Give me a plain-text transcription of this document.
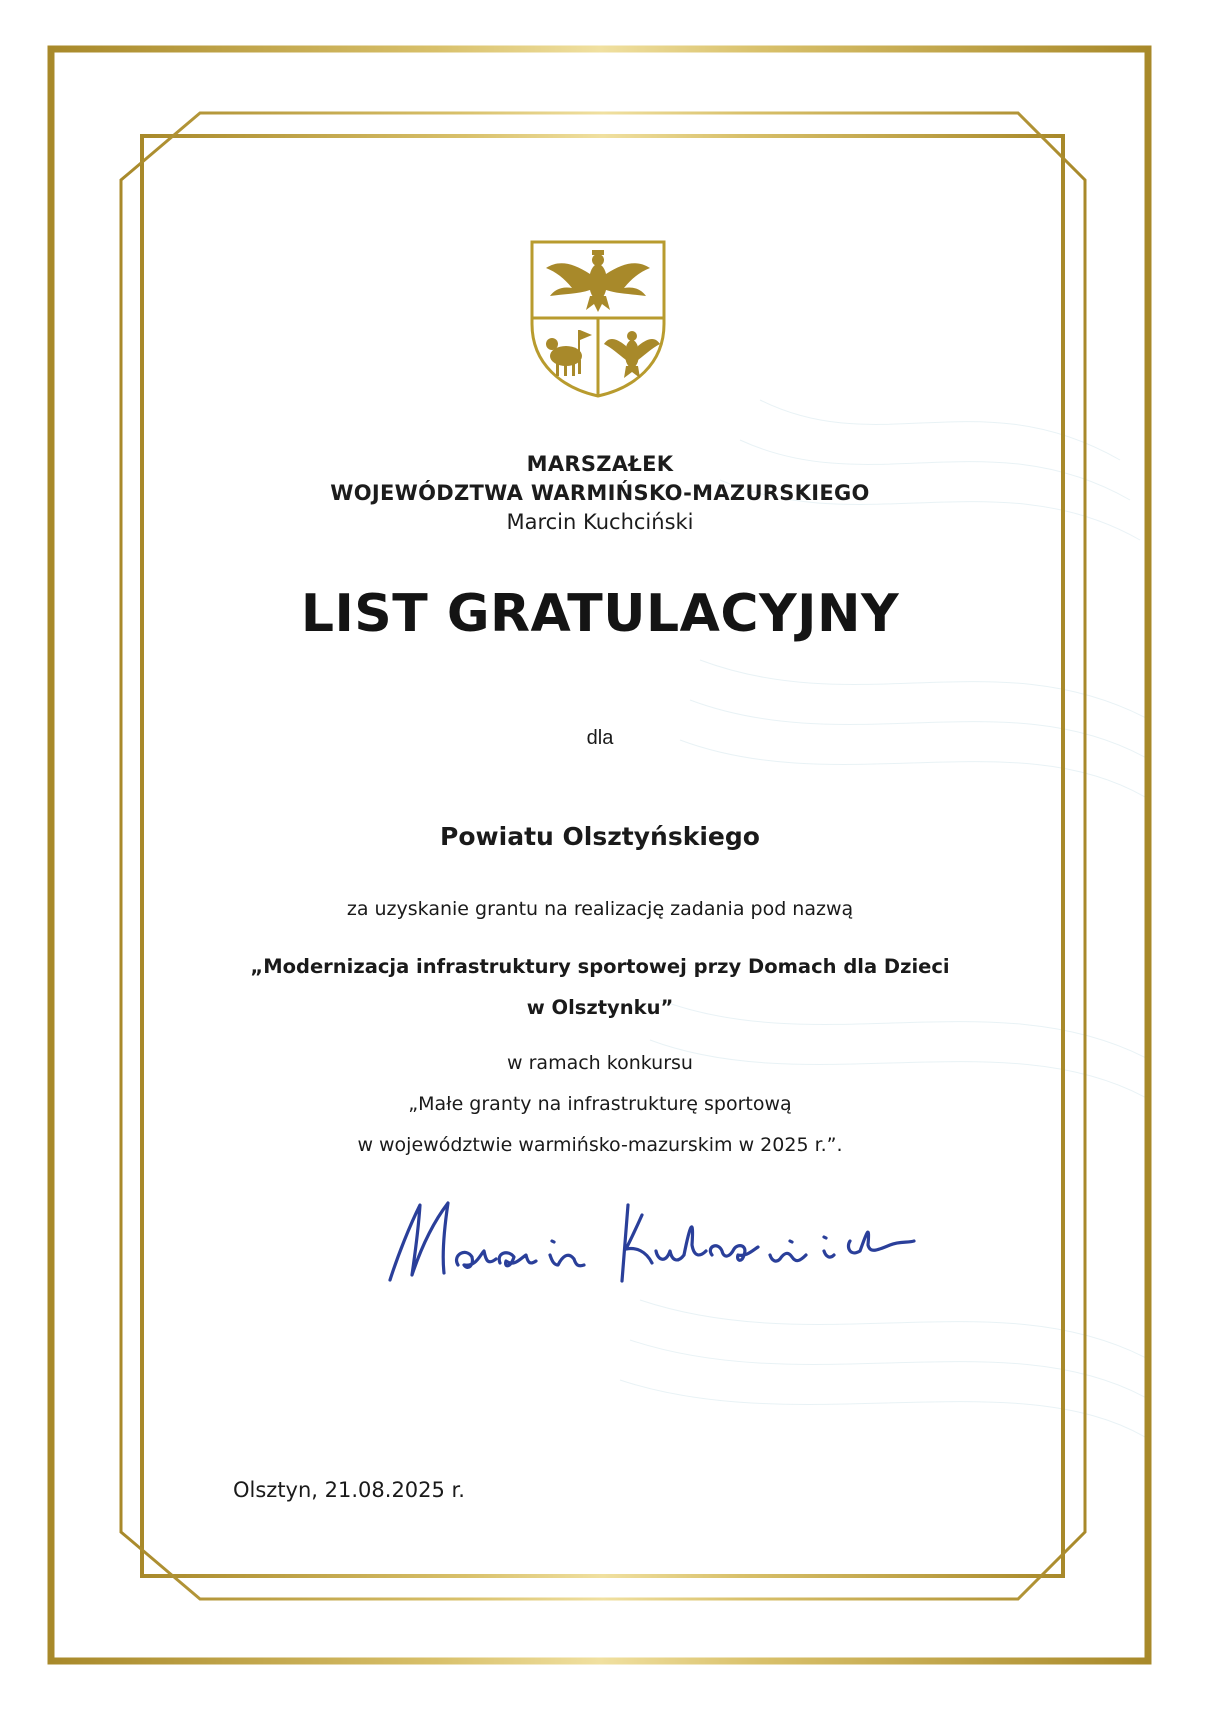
MARSZAŁEK
WOJEWÓDZTWA WARMIŃSKO-MAZURSKIEGO
Marcin Kuchciński
LIST GRATULACYJNY
dla
Powiatu Olsztyńskiego
za uzyskanie grantu na realizację zadania pod nazwą
„Modernizacja infrastruktury sportowej przy Domach dla Dzieci
w Olsztynku”
w ramach konkursu
„Małe granty na infrastrukturę sportową
w województwie warmińsko-mazurskim w 2025 r.”.
Olsztyn, 21.08.2025 r.
